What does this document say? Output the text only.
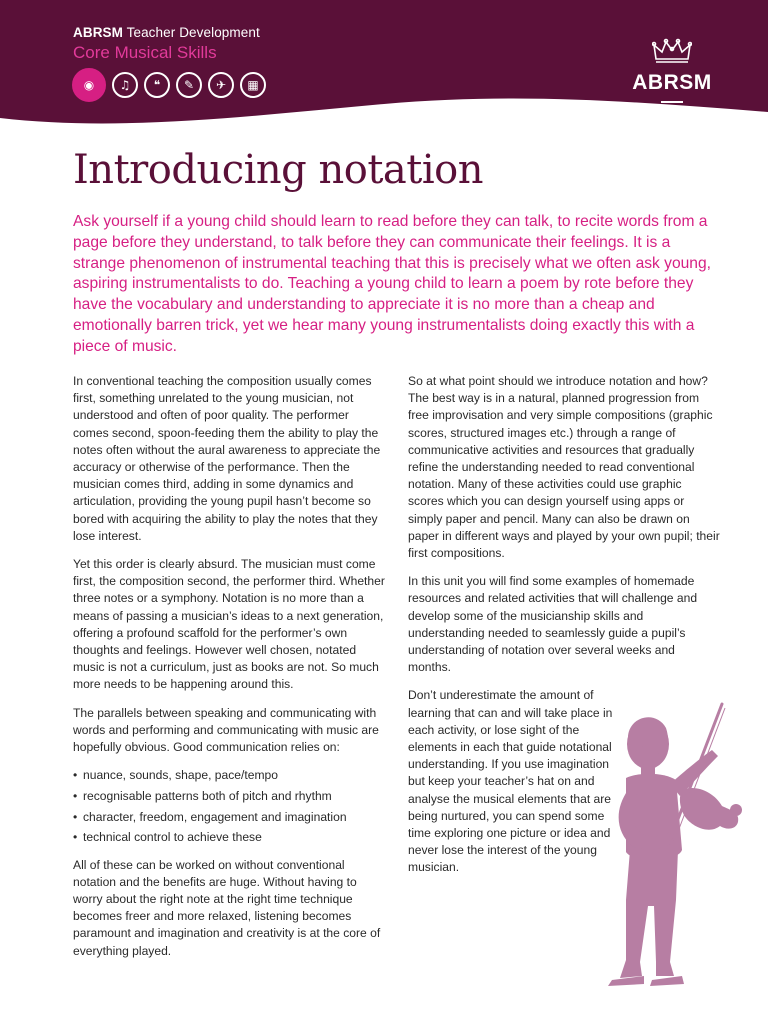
ABRSM Teacher Development
Core Musical Skills
◉	♫	❝	✎	✈	▦	ABRSM
Introducing notation

Ask yourself if a young child should learn to read before they can talk, to recite words from a page before they understand, to talk before they can communicate their feelings. It is a strange phenomenon of instrumental teaching that this is precisely what we often ask young, aspiring instrumentalists to do. Teaching a young child to learn a poem by rote before they have the vocabulary and understanding to appreciate it is no more than a cheap and emotionally barren trick, yet we hear many young instrumentalists doing exactly this with a piece of music.

In conventional teaching the composition usually comes first, something unrelated to the young musician, not understood and often of poor quality. The performer comes second, spoon-feeding them the ability to play the notes often without the aural awareness to appreciate the accuracy or otherwise of the performance. Then the musician comes third, adding in some dynamics and articulation, providing the young pupil hasn’t become so bored with acquiring the ability to play the notes that they lose interest.

Yet this order is clearly absurd. The musician must come first, the composition second, the performer third. Whether three notes or a symphony. Notation is no more than a means of passing a musician’s ideas to a next generation, offering a profound scaffold for the performer’s own thoughts and feelings. However well chosen, notated music is not a curriculum, just as books are not. So much more needs to be happening around this.

The parallels between speaking and communicating with words and performing and communicating with music are hopefully obvious. Good communication relies on:

• nuance, sounds, shape, pace/tempo
• recognisable patterns both of pitch and rhythm
• character, freedom, engagement and imagination
• technical control to achieve these

All of these can be worked on without conventional notation and the benefits are huge. Without having to worry about the right note at the right time technique becomes freer and more relaxed, listening becomes paramount and imagination and creativity is at the core of everything played.

So at what point should we introduce notation and how? The best way is in a natural, planned progression from free improvisation and very simple compositions (graphic scores, structured images etc.) through a range of communicative activities and resources that gradually refine the understanding needed to read conventional notation. Many of these activities could use graphic scores which you can design yourself using apps or simply paper and pencil. Many can also be drawn on paper in different ways and played by your own pupil; their first compositions.

In this unit you will find some examples of homemade resources and related activities that will challenge and develop some of the musicianship skills and understanding needed to seamlessly guide a pupil’s understanding of notation over several weeks and months.

Don’t underestimate the amount of learning that can and will take place in each activity, or lose sight of the elements in each that guide notational understanding. If you use imagination but keep your teacher’s hat on and analyse the musical elements that are being nurtured, you can spend some time exploring one picture or idea and never lose the interest of the young musician.
